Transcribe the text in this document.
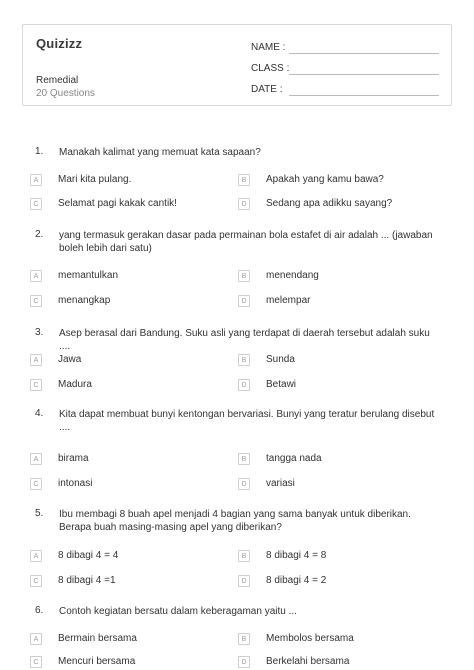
Quizizz
Remedial
20 Questions
NAME :
CLASS :
DATE :
1. Manakah kalimat yang memuat kata sapaan?
A	Mari kita pulang.	B	Apakah yang kamu bawa?
C	Selamat pagi kakak cantik!	D	Sedang apa adikku sayang?
2. yang termasuk gerakan dasar pada permainan bola estafet di air adalah ... (jawaban boleh lebih dari satu)
A	memantulkan	B	menendang
C	menangkap	D	melempar
3. Asep berasal dari Bandung. Suku asli yang terdapat di daerah tersebut adalah suku ....
A	Jawa	B	Sunda
C	Madura	D	Betawi
4. Kita dapat membuat bunyi kentongan bervariasi. Bunyi yang teratur berulang disebut ....
A	birama	B	tangga nada
C	intonasi	D	variasi
5. Ibu membagi 8 buah apel menjadi 4 bagian yang sama banyak untuk diberikan. Berapa buah masing-masing apel yang diberikan?
A	8 dibagi 4 = 4	B	8 dibagi 4 = 8
C	8 dibagi 4 =1	D	8 dibagi 4 = 2
6. Contoh kegiatan bersatu dalam keberagaman yaitu ...
A	Bermain bersama	B	Membolos bersama
C	Mencuri bersama	D	Berkelahi bersama
